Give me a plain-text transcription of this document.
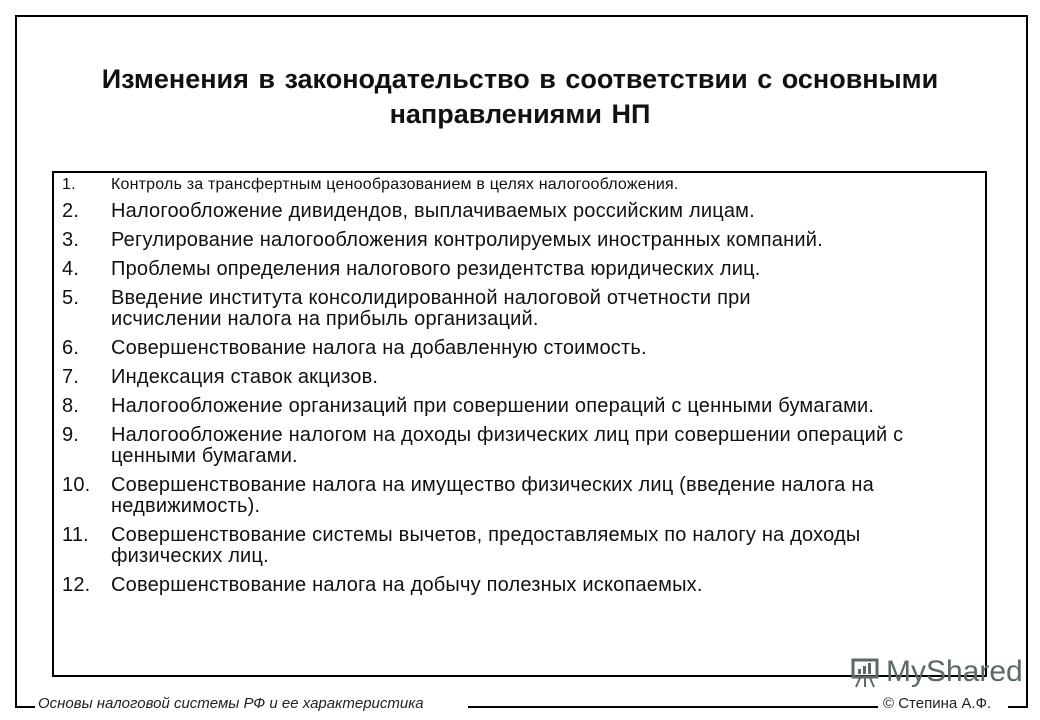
Изменения в законодательство в соответствии с основными направлениями НП
1. Контроль за трансфертным ценообразованием в целях налогообложения.
2. Налогообложение дивидендов, выплачиваемых российским лицам.
3. Регулирование налогообложения контролируемых иностранных компаний.
4. Проблемы определения налогового резидентства юридических лиц.
5. Введение института консолидированной налоговой отчетности при исчислении налога на прибыль организаций.
6. Совершенствование налога на добавленную стоимость.
7. Индексация ставок акцизов.
8. Налогообложение организаций при совершении операций с ценными бумагами.
9. Налогообложение налогом на доходы физических лиц при совершении операций с ценными бумагами.
10. Совершенствование налога на имущество физических лиц (введение налога на недвижимость).
11. Совершенствование системы вычетов, предоставляемых по налогу на доходы физических лиц.
12. Совершенствование налога на добычу полезных ископаемых.
MyShared
Основы налоговой системы РФ и ее характеристика	© Степина А.Ф.
